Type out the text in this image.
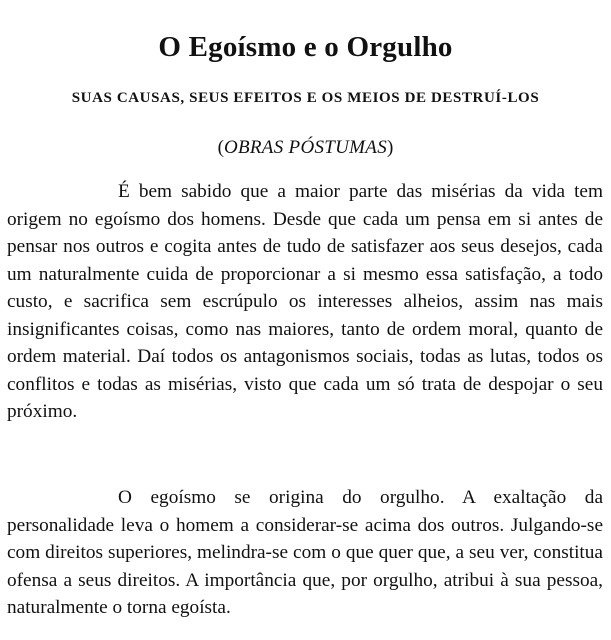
O Egoísmo e o Orgulho
SUAS CAUSAS, SEUS EFEITOS E OS MEIOS DE DESTRUÍ-LOS

(OBRAS PÓSTUMAS)

É bem sabido que a maior parte das misérias da vida tem origem no egoísmo dos homens. Desde que cada um pensa em si antes de pensar nos outros e cogita antes de tudo de satisfazer aos seus desejos, cada um naturalmente cuida de proporcionar a si mesmo essa satisfação, a todo custo, e sacrifica sem escrúpulo os interesses alheios, assim nas mais insignificantes coisas, como nas maiores, tanto de ordem moral, quanto de ordem material. Daí todos os antagonismos sociais, todas as lutas, todos os conflitos e todas as misérias, visto que cada um só trata de despojar o seu próximo.

O egoísmo se origina do orgulho. A exaltação da personalidade leva o homem a considerar-se acima dos outros. Julgando-se com direitos superiores, melindra-se com o que quer que, a seu ver, constitua ofensa a seus direitos. A importância que, por orgulho, atribui à sua pessoa, naturalmente o torna egoísta.
